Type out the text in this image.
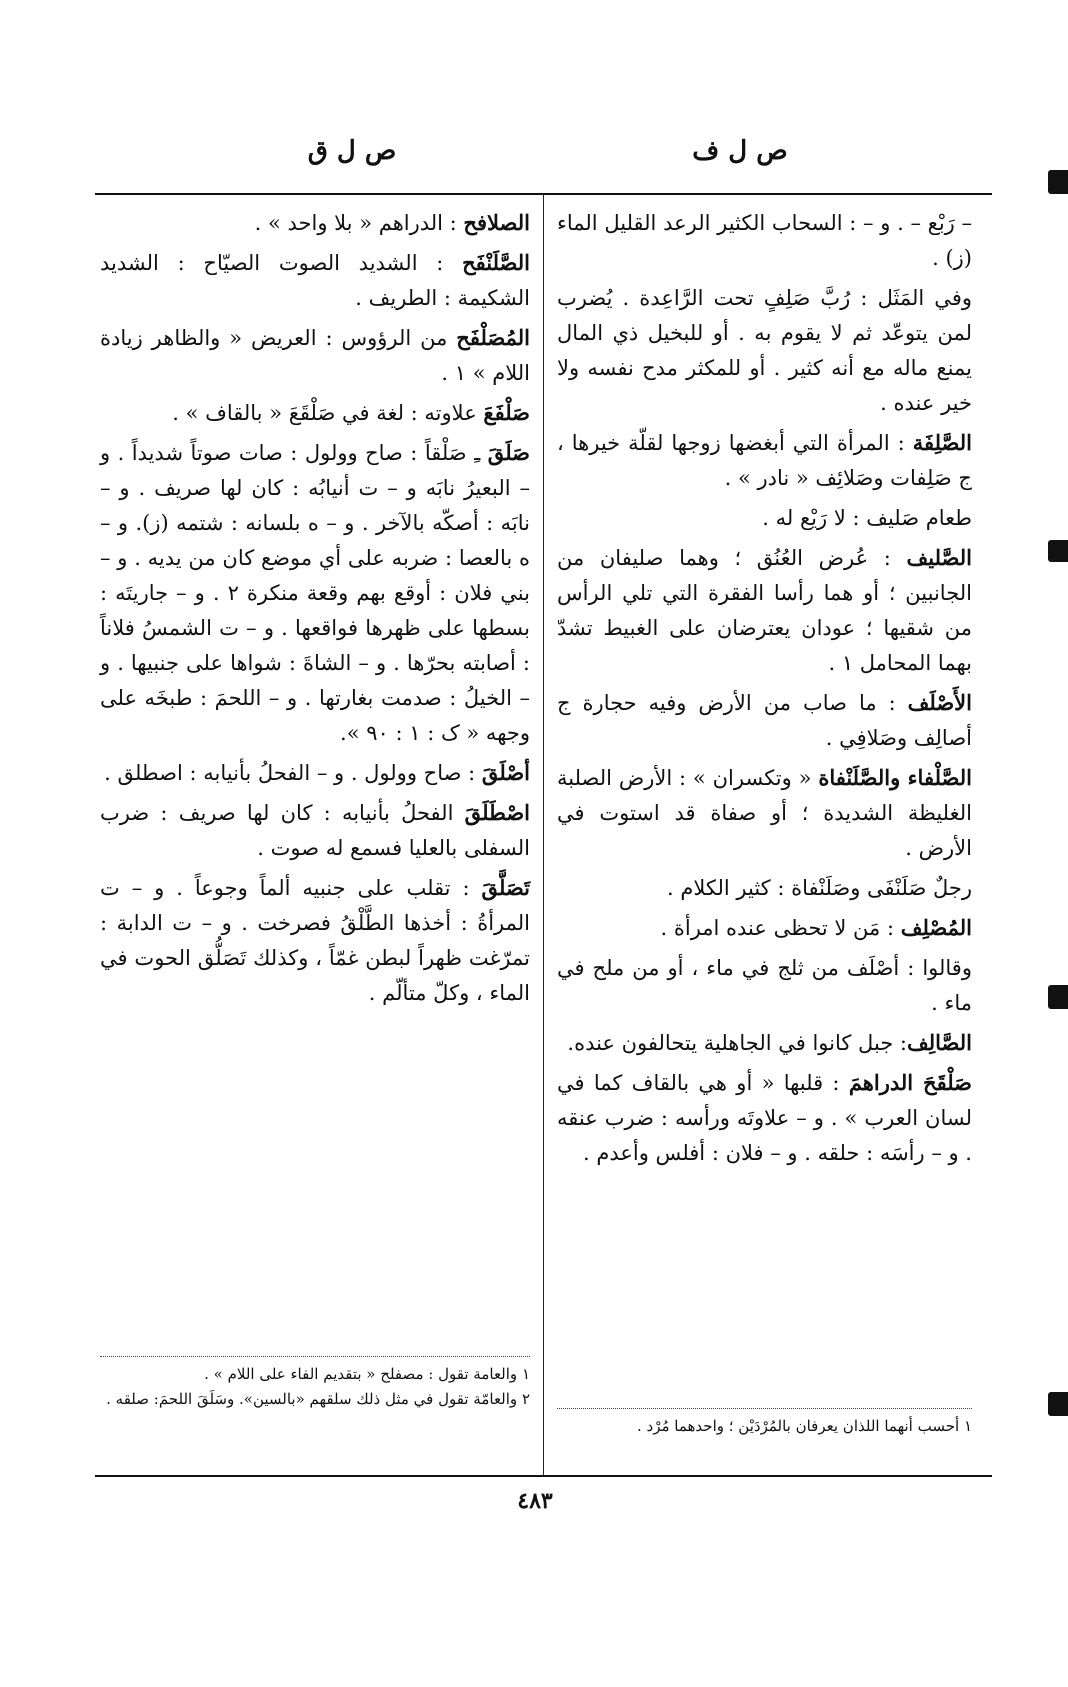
ص ل ف
ص ل ق

– رَبْع – . و – : السحاب الكثير الرعد القليل الماء (ز) .

وفي المَثَل : رُبَّ صَلِفٍ تحت الرَّاعِدة . يُضرب لمن يتوعّد ثم لا يقوم به . أو للبخيل ذي المال يمنع ماله مع أنه كثير . أو للمكثر مدح نفسه ولا خير عنده .

الصَّلِفَة : المرأة التي أبغضها زوجها لقلّة خيرها ، ج صَلِفات وصَلائِف « نادر » .

طعام صَليف : لا رَيْع له .

الصَّليف : عُرض العُنُق ؛ وهما صليفان من الجانبين ؛ أو هما رأسا الفقرة التي تلي الرأس من شقيها ؛ عودان يعترضان على الغبيط تشدّ بهما المحامل ١ .

الأَصْلَف : ما صاب من الأرض وفيه حجارة ج أصالِف وصَلافِي .

الصَّلْفاء والصَّلَنْفاة « وتكسران » : الأرض الصلبة الغليظة الشديدة ؛ أو صفاة قد استوت في الأرض .

رجلٌ صَلَنْفَى وصَلَنْفاة : كثير الكلام .

المُصْلِف : مَن لا تحظى عنده امرأة .

وقالوا : أصْلَف من ثلج في ماء ، أو من ملح في ماء .

الصَّالِف: جبل كانوا في الجاهلية يتحالفون عنده.

صَلْقَحَ الدراهمَ : قلبها « أو هي بالقاف كما في لسان العرب » . و – علاوتَه ورأسه : ضرب عنقه . و – رأسَه : حلقه . و – فلان : أفلس وأعدم .

الصلافح : الدراهم « بلا واحد » .

الصَّلَنْفَح : الشديد الصوت الصيّاح : الشديد الشكيمة : الطريف .

المُصَلْفَح من الرؤوس : العريض « والظاهر زيادة اللام » ١ .

صَلْفَعَ علاوته : لغة في صَلْقَعَ « بالقاف » .

صَلَقَ ـِ صَلْقاً : صاح وولول : صات صوتاً شديداً . و – البعيرُ نابَه و – ت أنيابُه : كان لها صريف . و – نابَه : أصكّه بالآخر . و – ه بلسانه : شتمه (ز). و – ه بالعصا : ضربه على أي موضع كان من يديه . و – بني فلان : أوقع بهم وقعة منكرة ٢ . و – جاريتَه : بسطها على ظهرها فواقعها . و – ت الشمسُ فلاناً : أصابته بحرّها . و – الشاةَ : شواها على جنبيها . و – الخيلُ : صدمت بغارتها . و – اللحمَ : طبخَه على وجهه « ک : ١ : ٩٠ ».

أصْلَقَ : صاح وولول . و – الفحلُ بأنيابه : اصطلق .

اصْطَلَقَ الفحلُ بأنيابه : كان لها صريف : ضرب السفلى بالعليا فسمع له صوت .

تَصَلَّقَ : تقلب على جنبيه ألماً وجوعاً . و – ت المرأةُ : أخذها الطَّلْقُ فصرخت . و – ت الدابة : تمرّغت ظهراً لبطن غمّاً ، وكذلك تَصَلُّق الحوت في الماء ، وكلّ متألّم .

١ والعامة تقول : مصفلح « بتقديم الفاء على اللام » .

٢ والعامّة تقول في مثل ذلك سلقهم «بالسين». وسَلَقَ اللحمَ: صلقه .

١ أحسب أنهما اللذان يعرفان بالمُرْدَيْن ؛ واحدهما مُرْد .

٤٨٣
